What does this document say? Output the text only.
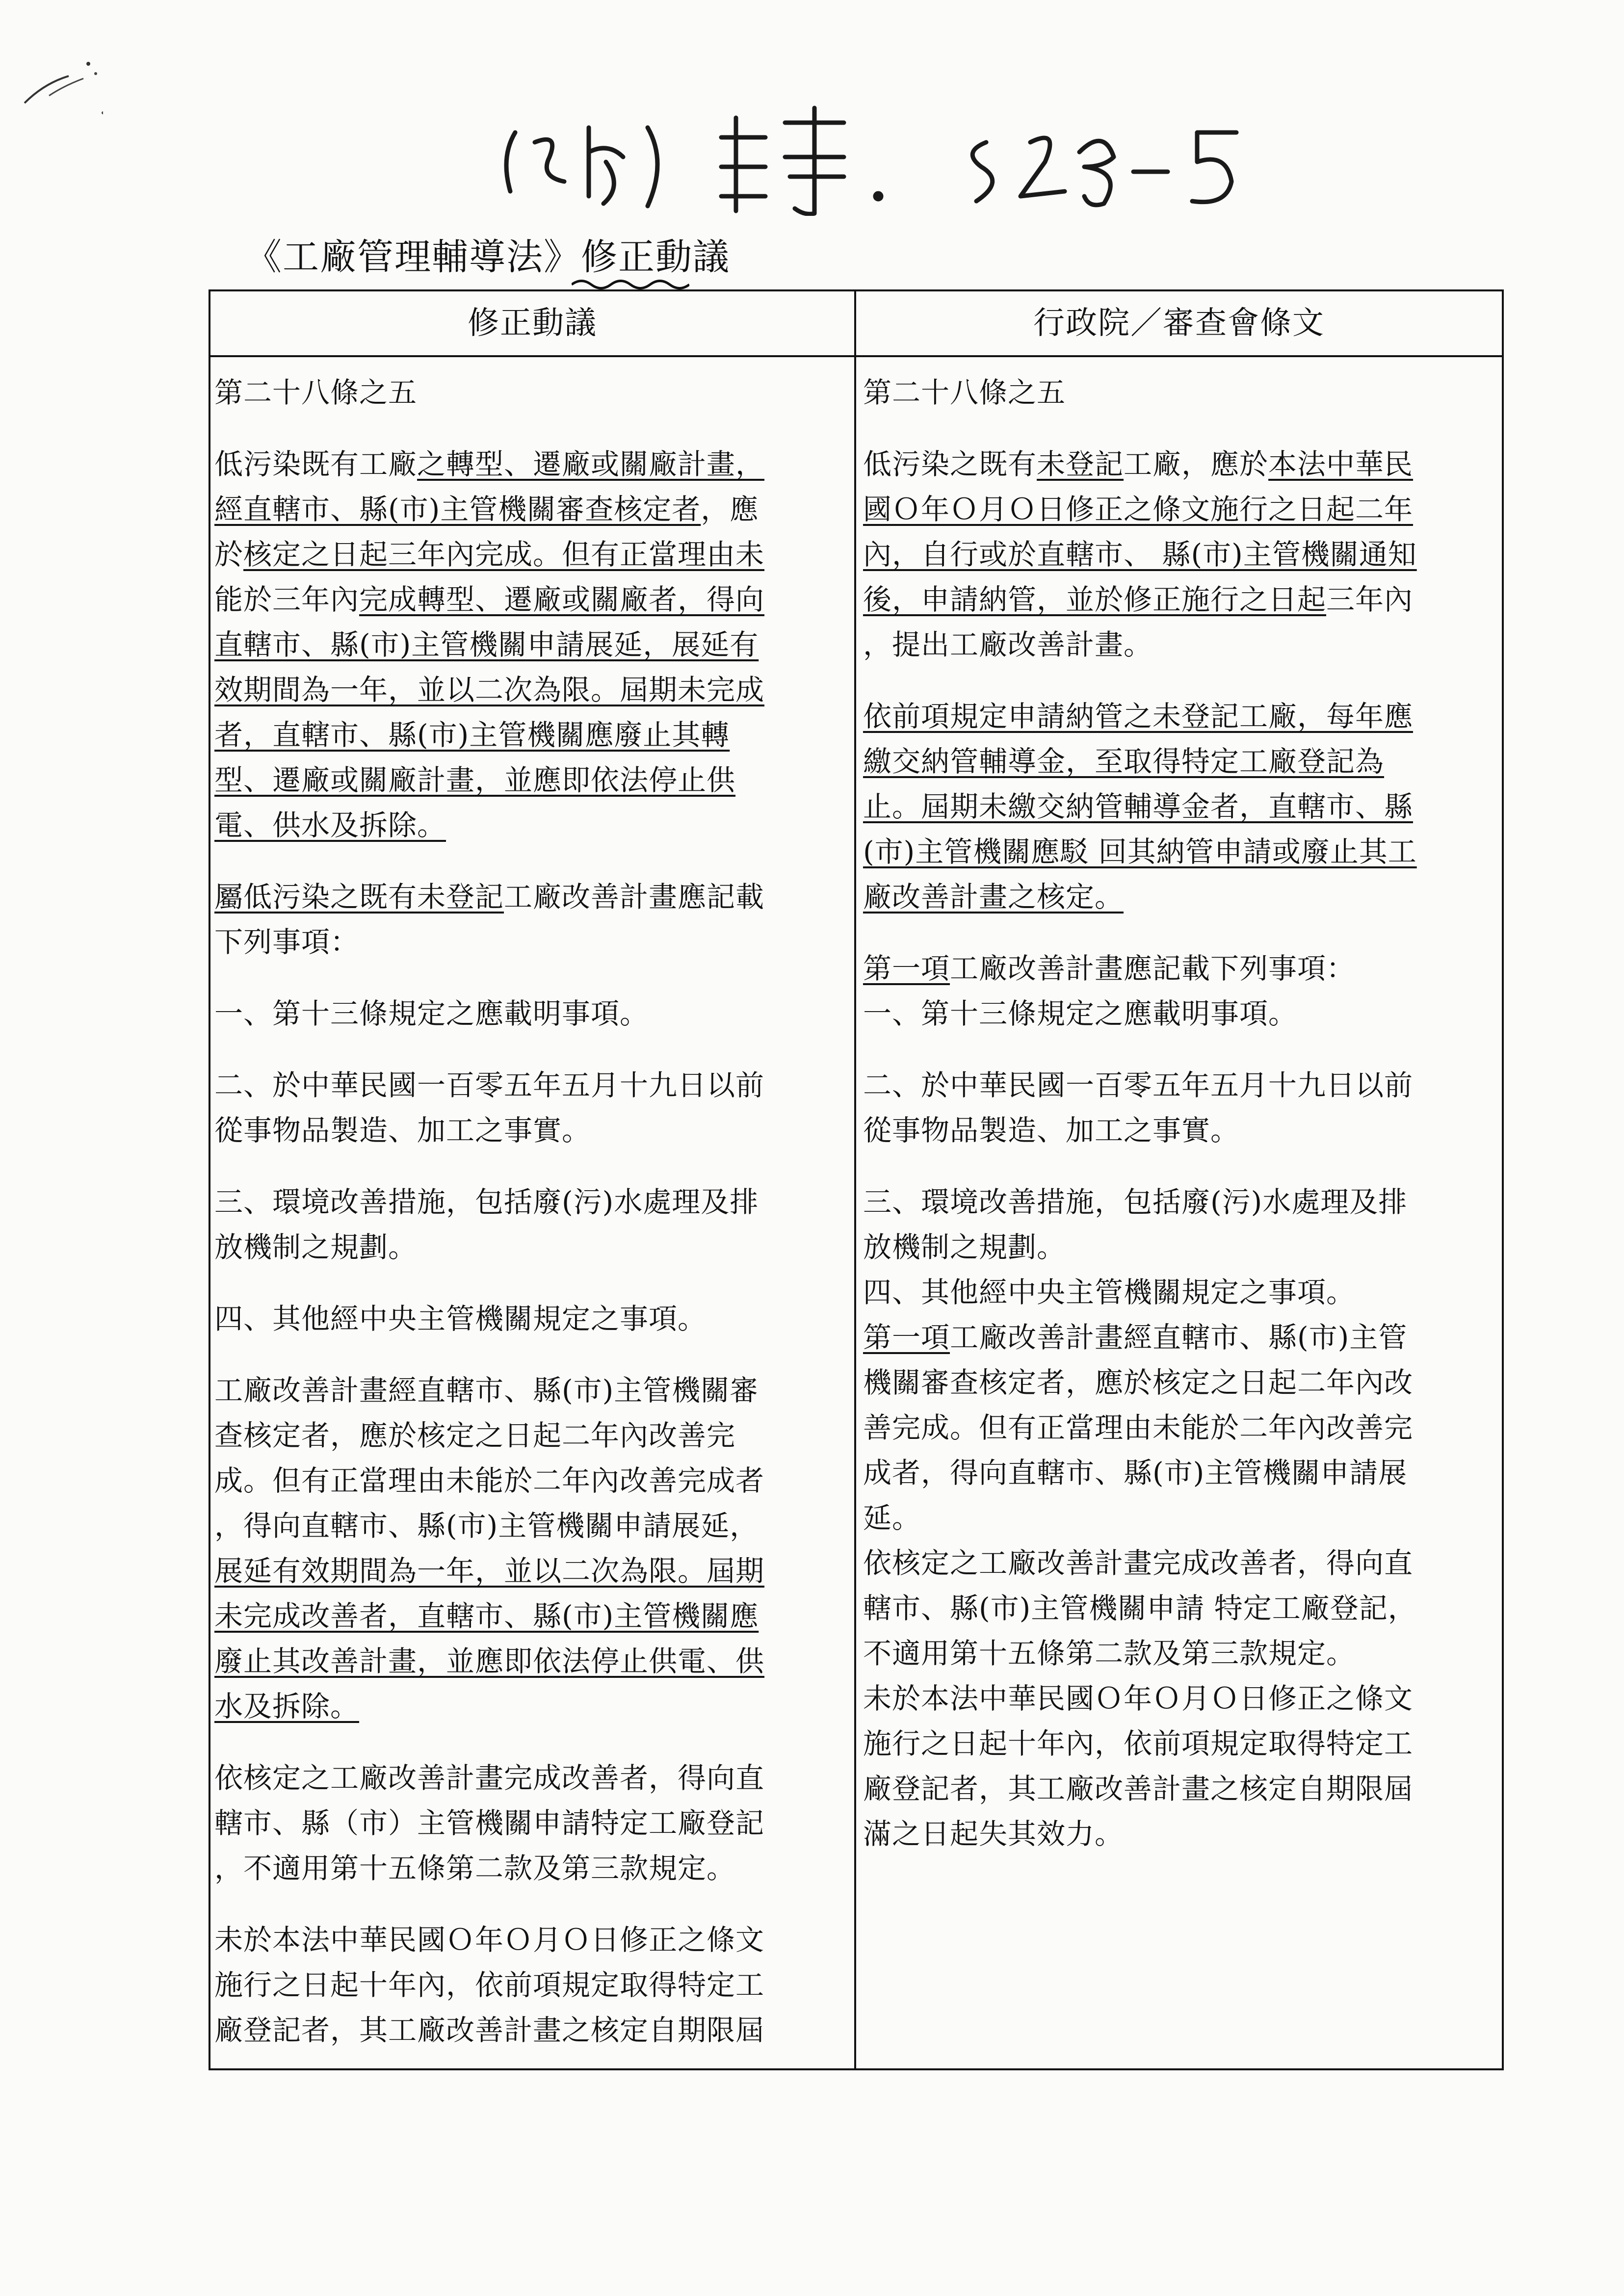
《工廠管理輔導法》修正動議
修正動議	行政院／審查會條文
第二十八條之五
低污染既有工廠之轉型、遷廠或關廠計畫，
經直轄市、縣(市)主管機關審查核定者，應
於核定之日起三年內完成。但有正當理由未
能於三年內完成轉型、遷廠或關廠者，得向
直轄市、縣(市)主管機關申請展延，展延有
效期間為一年，並以二次為限。屆期未完成
者，直轄市、縣(市)主管機關應廢止其轉
型、遷廠或關廠計畫，並應即依法停止供
電、供水及拆除。
屬低污染之既有未登記工廠改善計畫應記載
下列事項：
一、第十三條規定之應載明事項。
二、於中華民國一百零五年五月十九日以前
從事物品製造、加工之事實。
三、環境改善措施，包括廢(污)水處理及排
放機制之規劃。
四、其他經中央主管機關規定之事項。
工廠改善計畫經直轄市、縣(市)主管機關審
查核定者，應於核定之日起二年內改善完
成。但有正當理由未能於二年內改善完成者
，得向直轄市、縣(市)主管機關申請展延，
展延有效期間為一年，並以二次為限。屆期
未完成改善者，直轄市、縣(市)主管機關應
廢止其改善計畫，並應即依法停止供電、供
水及拆除。
依核定之工廠改善計畫完成改善者，得向直
轄市、縣（市）主管機關申請特定工廠登記
，不適用第十五條第二款及第三款規定。
未於本法中華民國Ｏ年Ｏ月Ｏ日修正之條文
施行之日起十年內，依前項規定取得特定工
廠登記者，其工廠改善計畫之核定自期限屆
第二十八條之五
低污染之既有未登記工廠，應於本法中華民
國Ｏ年Ｏ月Ｏ日修正之條文施行之日起二年
內，自行或於直轄市、 縣(市)主管機關通知
後，申請納管，並於修正施行之日起三年內
，提出工廠改善計畫。
依前項規定申請納管之未登記工廠，每年應
繳交納管輔導金，至取得特定工廠登記為
止。屆期未繳交納管輔導金者，直轄市、縣
(市)主管機關應駁 回其納管申請或廢止其工
廠改善計畫之核定。
第一項工廠改善計畫應記載下列事項：
一、第十三條規定之應載明事項。
二、於中華民國一百零五年五月十九日以前
從事物品製造、加工之事實。
三、環境改善措施，包括廢(污)水處理及排
放機制之規劃。
四、其他經中央主管機關規定之事項。
第一項工廠改善計畫經直轄市、縣(市)主管
機關審查核定者，應於核定之日起二年內改
善完成。但有正當理由未能於二年內改善完
成者，得向直轄市、縣(市)主管機關申請展
延。
依核定之工廠改善計畫完成改善者，得向直
轄市、縣(市)主管機關申請 特定工廠登記，
不適用第十五條第二款及第三款規定。
未於本法中華民國Ｏ年Ｏ月Ｏ日修正之條文
施行之日起十年內，依前項規定取得特定工
廠登記者，其工廠改善計畫之核定自期限屆
滿之日起失其效力。
